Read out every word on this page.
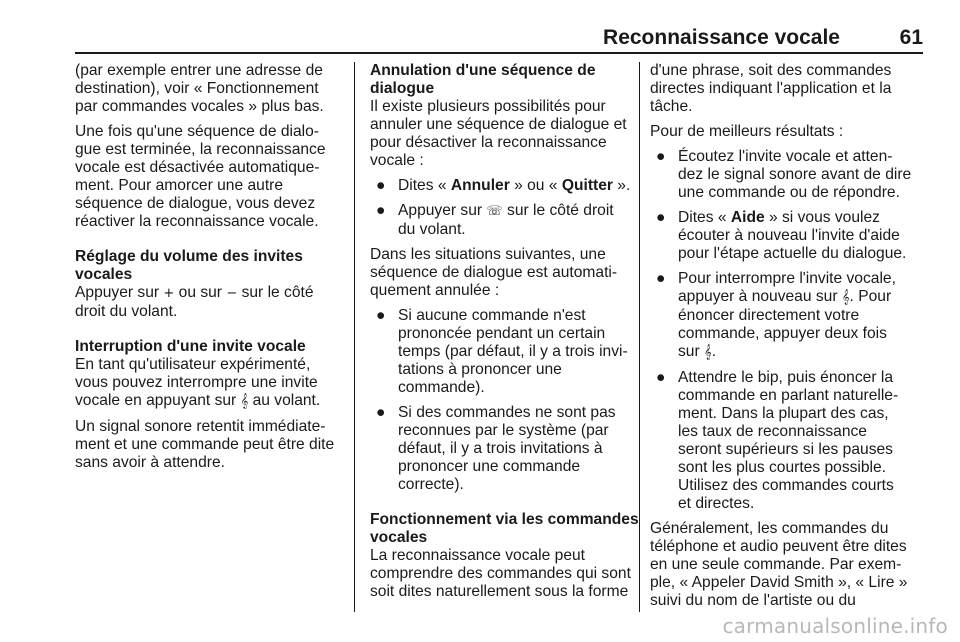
Reconnaissance vocale	61
(par exemple entrer une adresse de
destination), voir « Fonctionnement
par commandes vocales » plus bas.
Une fois qu'une séquence de dialo-
gue est terminée, la reconnaissance
vocale est désactivée automatique-
ment. Pour amorcer une autre
séquence de dialogue, vous devez
réactiver la reconnaissance vocale.
Réglage du volume des invites
vocales
Appuyer sur + ou sur − sur le côté
droit du volant.
Interruption d'une invite vocale
En tant qu'utilisateur expérimenté,
vous pouvez interrompre une invite
vocale en appuyant sur 𝄞 au volant.
Un signal sonore retentit immédiate-
ment et une commande peut être dite
sans avoir à attendre.
Annulation d'une séquence de
dialogue
Il existe plusieurs possibilités pour
annuler une séquence de dialogue et
pour désactiver la reconnaissance
vocale :
● Dites « Annuler » ou « Quitter ».
● Appuyer sur ☏ sur le côté droit
du volant.
Dans les situations suivantes, une
séquence de dialogue est automati-
quement annulée :
● Si aucune commande n'est
prononcée pendant un certain
temps (par défaut, il y a trois invi-
tations à prononcer une
commande).
● Si des commandes ne sont pas
reconnues par le système (par
défaut, il y a trois invitations à
prononcer une commande
correcte).
Fonctionnement via les commandes
vocales
La reconnaissance vocale peut
comprendre des commandes qui sont
soit dites naturellement sous la forme
d'une phrase, soit des commandes
directes indiquant l'application et la
tâche.
Pour de meilleurs résultats :
● Écoutez l'invite vocale et atten-
dez le signal sonore avant de dire
une commande ou de répondre.
● Dites « Aide » si vous voulez
écouter à nouveau l'invite d'aide
pour l'étape actuelle du dialogue.
● Pour interrompre l'invite vocale,
appuyer à nouveau sur 𝄞. Pour
énoncer directement votre
commande, appuyer deux fois
sur 𝄞.
● Attendre le bip, puis énoncer la
commande en parlant naturelle-
ment. Dans la plupart des cas,
les taux de reconnaissance
seront supérieurs si les pauses
sont les plus courtes possible.
Utilisez des commandes courts
et directes.
Généralement, les commandes du
téléphone et audio peuvent être dites
en une seule commande. Par exem-
ple, « Appeler David Smith », « Lire »
suivi du nom de l'artiste ou du
carmanualsonline.info
